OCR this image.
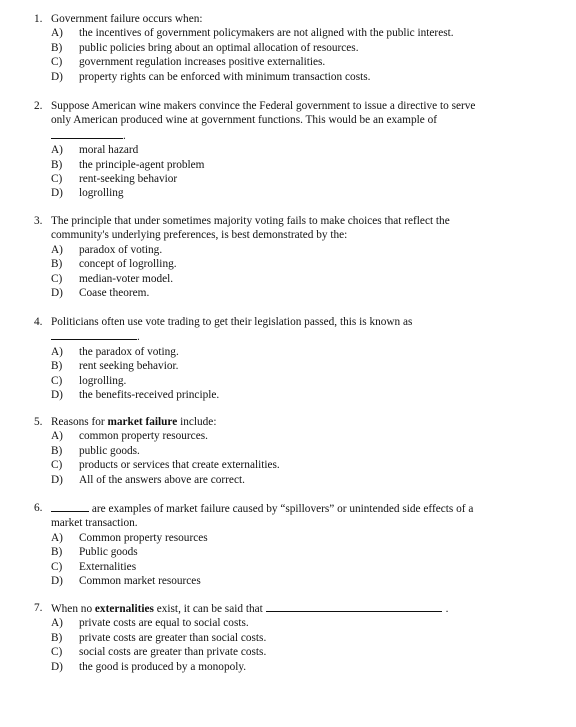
1. Government failure occurs when:
A)	the incentives of government policymakers are not aligned with the public interest.
B)	public policies bring about an optimal allocation of resources.
C)	government regulation increases positive externalities.
D)	property rights can be enforced with minimum transaction costs.
2. Suppose American wine makers convince the Federal government to issue a directive to serve
only American produced wine at government functions. This would be an example of
.
A)	moral hazard
B)	the principle-agent problem
C)	rent-seeking behavior
D)	logrolling
3. The principle that under sometimes majority voting fails to make choices that reflect the
community's underlying preferences, is best demonstrated by the:
A)	paradox of voting.
B)	concept of logrolling.
C)	median-voter model.
D)	Coase theorem.
4. Politicians often use vote trading to get their legislation passed, this is known as
.
A)	the paradox of voting.
B)	rent seeking behavior.
C)	logrolling.
D)	the benefits-received principle.
5. Reasons for market failure include:
A)	common property resources.
B)	public goods.
C)	products or services that create externalities.
D)	All of the answers above are correct.
6.	are examples of market failure caused by “spillovers” or unintended side effects of a
market transaction.
A)	Common property resources
B)	Public goods
C)	Externalities
D)	Common market resources
7. When no externalities exist, it can be said that	.
A)	private costs are equal to social costs.
B)	private costs are greater than social costs.
C)	social costs are greater than private costs.
D)	the good is produced by a monopoly.
